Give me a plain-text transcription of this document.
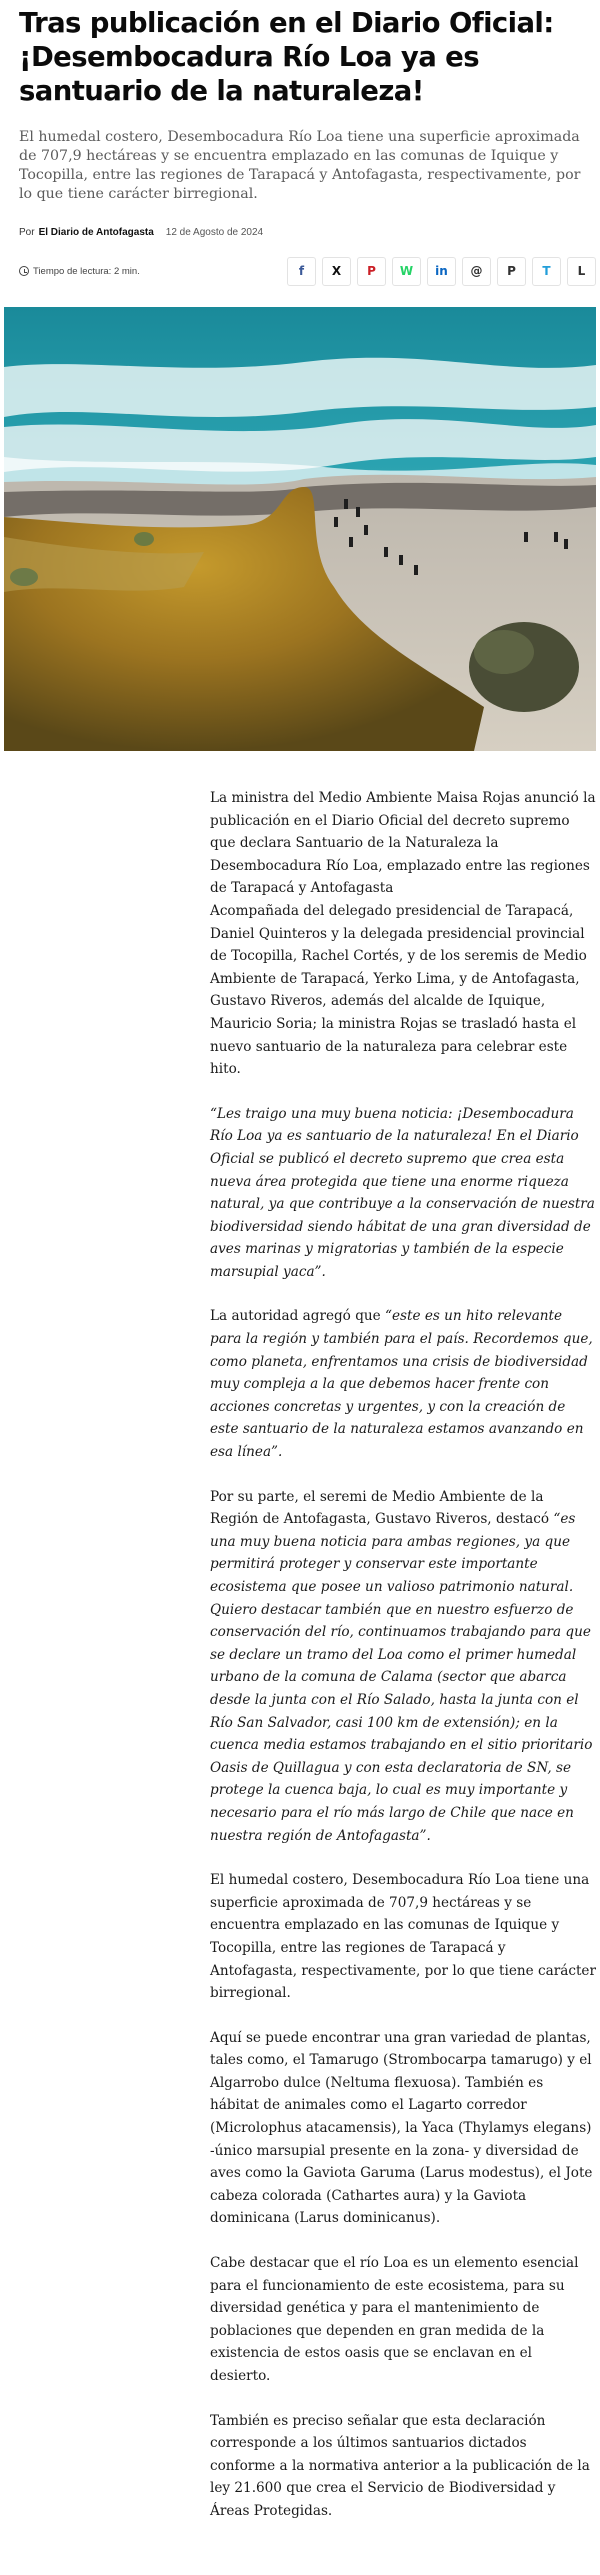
Tras publicación en el Diario Oficial: ¡Desembocadura Río Loa ya es santuario de la naturaleza!

El humedal costero, Desembocadura Río Loa tiene una superficie aproximada de 707,9 hectáreas y se encuentra emplazado en las comunas de Iquique y Tocopilla, entre las regiones de Tarapacá y Antofagasta, respectivamente, por lo que tiene carácter birregional.

Por El Diario de Antofagasta 12 de Agosto de 2024
Tiempo de lectura: 2 min.	f X P W in @ P T L

La ministra del Medio Ambiente Maisa Rojas anunció la publicación en el Diario Oficial del decreto supremo que declara Santuario de la Naturaleza la Desembocadura Río Loa, emplazado entre las regiones de Tarapacá y Antofagasta
Acompañada del delegado presidencial de Tarapacá, Daniel Quinteros y la delegada presidencial provincial de Tocopilla, Rachel Cortés, y de los seremis de Medio Ambiente de Tarapacá, Yerko Lima, y de Antofagasta, Gustavo Riveros, además del alcalde de Iquique, Mauricio Soria; la ministra Rojas se trasladó hasta el nuevo santuario de la naturaleza para celebrar este hito.

“Les traigo una muy buena noticia: ¡Desembocadura Río Loa ya es santuario de la naturaleza! En el Diario Oficial se publicó el decreto supremo que crea esta nueva área protegida que tiene una enorme riqueza natural, ya que contribuye a la conservación de nuestra biodiversidad siendo hábitat de una gran diversidad de aves marinas y migratorias y también de la especie marsupial yaca”.

La autoridad agregó que “este es un hito relevante para la región y también para el país. Recordemos que, como planeta, enfrentamos una crisis de biodiversidad muy compleja a la que debemos hacer frente con acciones concretas y urgentes, y con la creación de este santuario de la naturaleza estamos avanzando en esa línea”.

Por su parte, el seremi de Medio Ambiente de la Región de Antofagasta, Gustavo Riveros, destacó “es una muy buena noticia para ambas regiones, ya que permitirá proteger y conservar este importante ecosistema que posee un valioso patrimonio natural. Quiero destacar también que en nuestro esfuerzo de conservación del río, continuamos trabajando para que se declare un tramo del Loa como el primer humedal urbano de la comuna de Calama (sector que abarca desde la junta con el Río Salado, hasta la junta con el Río San Salvador, casi 100 km de extensión); en la cuenca media estamos trabajando en el sitio prioritario Oasis de Quillagua y con esta declaratoria de SN, se protege la cuenca baja, lo cual es muy importante y necesario para el río más largo de Chile que nace en nuestra región de Antofagasta”.

El humedal costero, Desembocadura Río Loa tiene una superficie aproximada de 707,9 hectáreas y se encuentra emplazado en las comunas de Iquique y Tocopilla, entre las regiones de Tarapacá y Antofagasta, respectivamente, por lo que tiene carácter birregional.

Aquí se puede encontrar una gran variedad de plantas, tales como, el Tamarugo (Strombocarpa tamarugo) y el Algarrobo dulce (Neltuma flexuosa). También es hábitat de animales como el Lagarto corredor (Microlophus atacamensis), la Yaca (Thylamys elegans) -único marsupial presente en la zona- y diversidad de aves como la Gaviota Garuma (Larus modestus), el Jote cabeza colorada (Cathartes aura) y la Gaviota dominicana (Larus dominicanus).

Cabe destacar que el río Loa es un elemento esencial para el funcionamiento de este ecosistema, para su diversidad genética y para el mantenimiento de poblaciones que dependen en gran medida de la existencia de estos oasis que se enclavan en el desierto.

También es preciso señalar que esta declaración corresponde a los últimos santuarios dictados conforme a la normativa anterior a la publicación de la ley 21.600 que crea el Servicio de Biodiversidad y Áreas Protegidas.
